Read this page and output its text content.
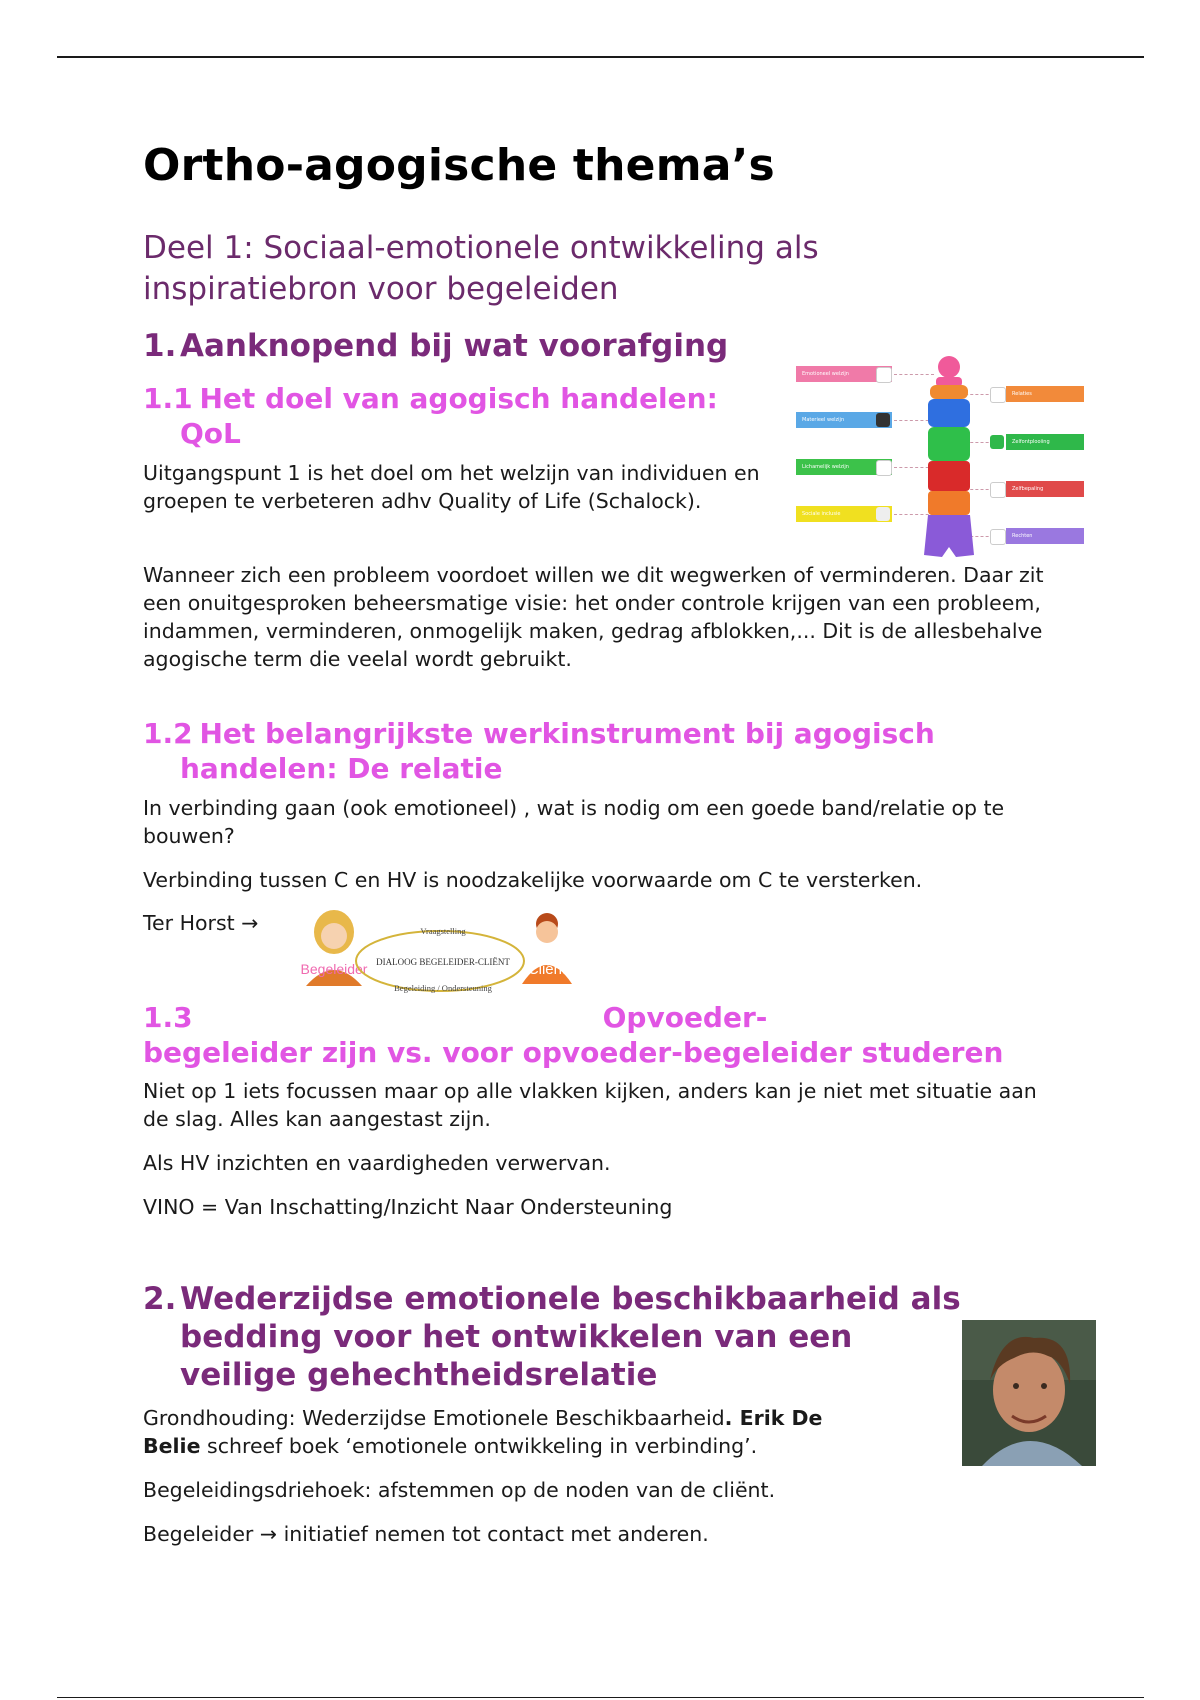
Ortho-agogische thema’s
Deel 1: Sociaal-emotionele ontwikkeling als inspiratiebron voor begeleiden
1. Aanknopend bij wat voorafging
1.1 Het doel van agogisch handelen:
QoL

Uitgangspunt 1 is het doel om het welzijn van individuen en groepen te verbeteren adhv Quality of Life (Schalock).

Wanneer zich een probleem voordoet willen we dit wegwerken of verminderen. Daar zit een onuitgesproken beheersmatige visie: het onder controle krijgen van een probleem, indammen, verminderen, onmogelijk maken, gedrag afblokken,... Dit is de allesbehalve agogische term die veelal wordt gebruikt.

Emotioneel welzijn
Materieel welzijn
Lichamelijk welzijn
Sociale inclusie
Relaties
Zelfontplooiing
Zelfbepaling
Rechten
1.2 Het belangrijkste werkinstrument bij agogisch
handelen: De relatie

In verbinding gaan (ook emotioneel) , wat is nodig om een goede band/relatie op te bouwen?

Verbinding tussen C en HV is noodzakelijke voorwaarde om C te versterken.

Ter Horst →

Begeleider	Cliënt
Vraagstelling
DIALOOG BEGELEIDER-CLIËNT
Begeleiding / Ondersteuning
1.3	Opvoeder-
begeleider zijn vs. voor opvoeder-begeleider studeren

Niet op 1 iets focussen maar op alle vlakken kijken, anders kan je niet met situatie aan de slag. Alles kan aangestast zijn.

Als HV inzichten en vaardigheden verwervan.

VINO = Van Inschatting/Inzicht Naar Ondersteuning

2. Wederzijdse emotionele beschikbaarheid als
bedding voor het ontwikkelen van een
veilige gehechtheidsrelatie

Grondhouding: Wederzijdse Emotionele Beschikbaarheid. Erik De Belie schreef boek ‘emotionele ontwikkeling in verbinding’.

Begeleidingsdriehoek: afstemmen op de noden van de cliënt.

Begeleider → initiatief nemen tot contact met anderen.
